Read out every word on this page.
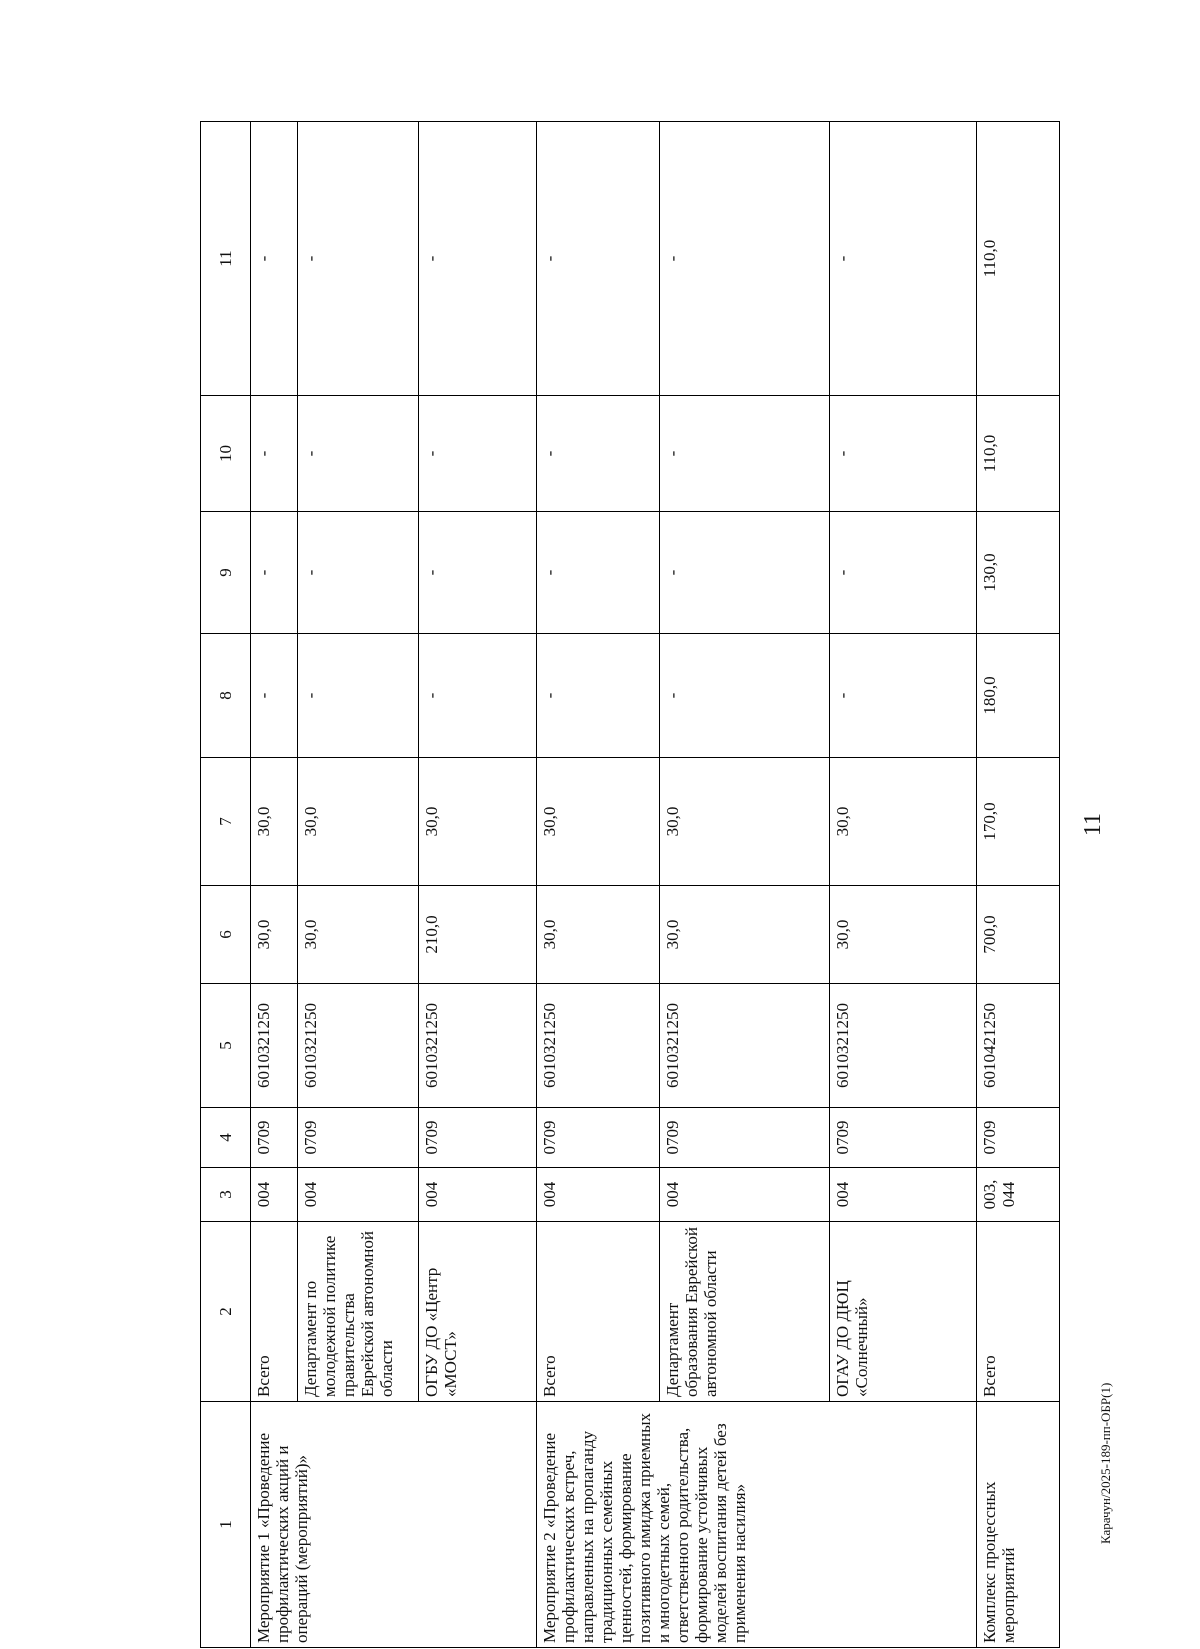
11
Карачун/2025-189-пп-ОБР(1)
1	2	3	4	5	6	7	8	9	10	11
Мероприятие 1 «Проведение профилактических акций и операций (мероприятий)»	Всего	004	0709	6010321250	30,0	30,0	-	-	-	-
	Департамент по молодежной политике правительства Еврейской автономной области	004	0709	6010321250	30,0	30,0	-	-	-	-
	ОГБУ ДО «Центр «МОСТ»	004	0709	6010321250	210,0	30,0	-	-	-	-
Мероприятие 2 «Проведение профилактических встреч, направленных на пропаганду традиционных семейных ценностей, формирование позитивного имиджа приемных и многодетных семей, ответственного родительства, формирование устойчивых моделей воспитания детей без применения насилия»	Всего	004	0709	6010321250	30,0	30,0	-	-	-	-
	Департамент образования Еврейской автономной области	004	0709	6010321250	30,0	30,0	-	-	-	-
	ОГАУ ДО ДЮЦ «Солнечный»	004	0709	6010321250	30,0	30,0	-	-	-	-
Комплекс процессных мероприятий	Всего	003, 044	0709	6010421250	700,0	170,0	180,0	130,0	110,0	110,0
